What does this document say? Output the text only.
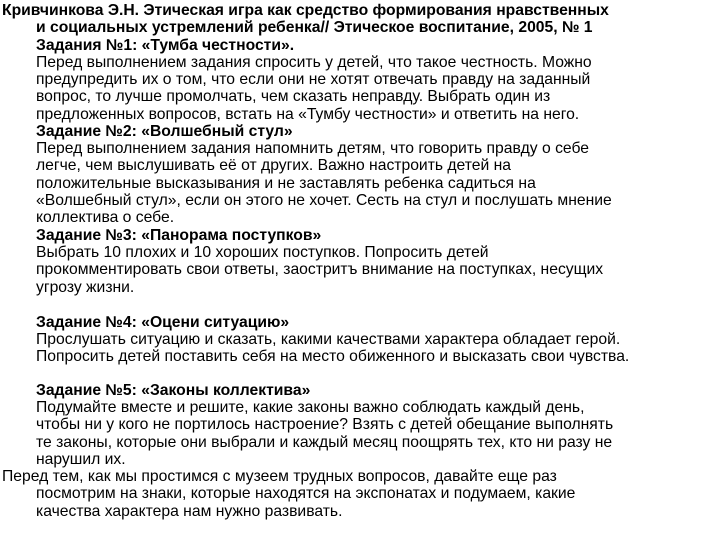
Кривчинкова Э.Н. Этическая игра как средство формирования нравственных

и социальных устремлений ребенка// Этическое воспитание, 2005, № 1

Задания №1: «Тумба честности».

Перед выполнением задания спросить у детей, что такое честность. Можно

предупредить их о том, что если они не хотят отвечать правду на заданный

вопрос, то лучше промолчать, чем сказать неправду. Выбрать один из

предложенных вопросов, встать на «Тумбу честности» и ответить на него.

Задание №2: «Волшебный стул»

Перед выполнением задания напомнить детям, что говорить правду о себе

легче, чем выслушивать её от других. Важно настроить детей на

положительные высказывания и не заставлять ребенка садиться на

«Волшебный стул», если он этого не хочет. Сесть на стул и послушать мнение

коллектива о себе.

Задание №3: «Панорама поступков»

Выбрать 10 плохих и 10 хороших поступков. Попросить детей

прокомментировать свои ответы, заостритъ внимание на поступках, несущих

угрозу жизни.

Задание №4: «Оцени ситуацию»

Прослушать ситуацию и сказать, какими качествами характера обладает герой.

Попросить детей поставить себя на место обиженного и высказать свои чувства.

Задание №5: «Законы коллектива»

Подумайте вместе и решите, какие законы важно соблюдать каждый день,

чтобы ни у кого не портилось настроение? Взять с детей обещание выполнять

те законы, которые они выбрали и каждый месяц поощрять тех, кто ни разу не

нарушил их.

Перед тем, как мы простимся с музеем трудных вопросов, давайте еще раз

посмотрим на знаки, которые находятся на экспонатах и подумаем, какие

качества характера нам нужно развивать.
